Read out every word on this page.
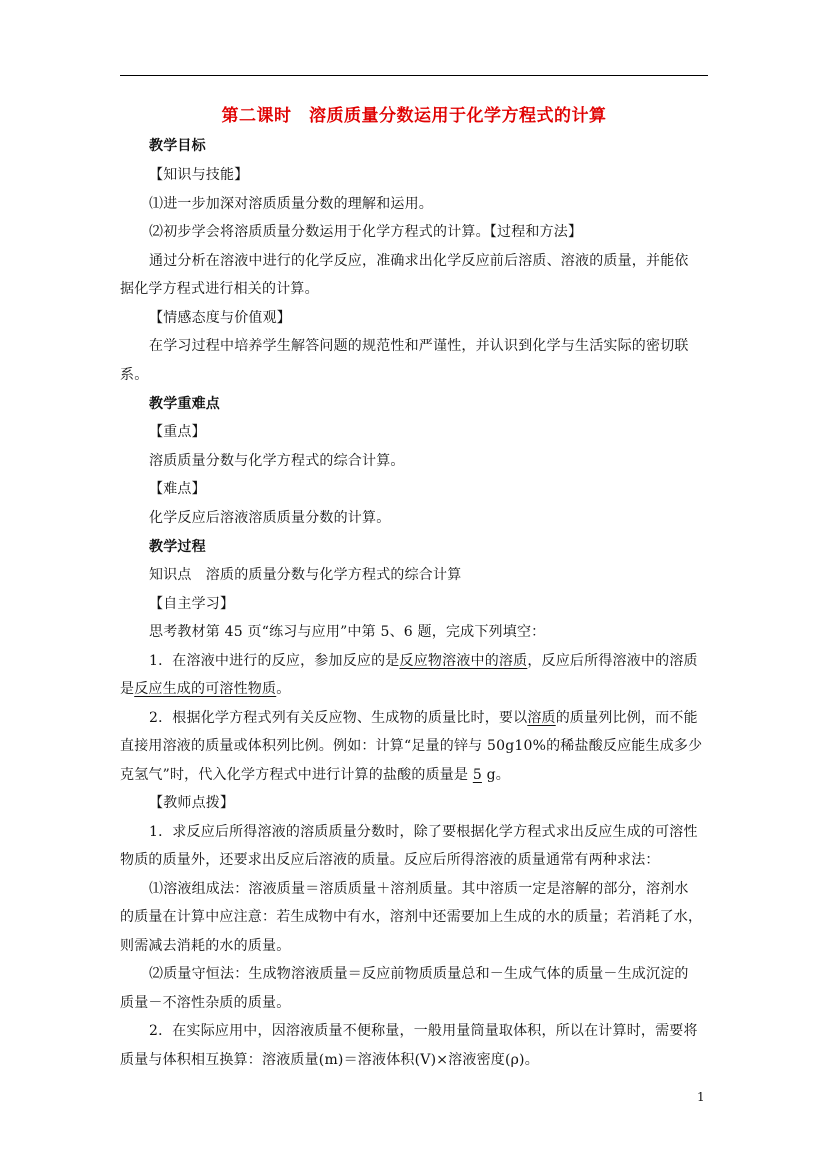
第二课时　溶质质量分数运用于化学方程式的计算
教学目标
【知识与技能】
⑴进一步加深对溶质质量分数的理解和运用。
⑵初步学会将溶质质量分数运用于化学方程式的计算。【过程和方法】
通过分析在溶液中进行的化学反应，准确求出化学反应前后溶质、溶液的质量，并能依
据化学方程式进行相关的计算。
【情感态度与价值观】
在学习过程中培养学生解答问题的规范性和严谨性，并认识到化学与生活实际的密切联
系。
教学重难点
【重点】
溶质质量分数与化学方程式的综合计算。
【难点】
化学反应后溶液溶质质量分数的计算。
教学过程
知识点　溶质的质量分数与化学方程式的综合计算
【自主学习】
思考教材第 45 页“练习与应用”中第 5、6 题，完成下列填空：
1．在溶液中进行的反应，参加反应的是反应物溶液中的溶质，反应后所得溶液中的溶质
是反应生成的可溶性物质。
2．根据化学方程式列有关反应物、生成物的质量比时，要以溶质的质量列比例，而不能
直接用溶液的质量或体积列比例。例如：计算“足量的锌与 50g10%的稀盐酸反应能生成多少
克氢气”时，代入化学方程式中进行计算的盐酸的质量是 5 g。
【教师点拨】
1．求反应后所得溶液的溶质质量分数时，除了要根据化学方程式求出反应生成的可溶性
物质的质量外，还要求出反应后溶液的质量。反应后所得溶液的质量通常有两种求法：
⑴溶液组成法：溶液质量＝溶质质量＋溶剂质量。其中溶质一定是溶解的部分，溶剂水
的质量在计算中应注意：若生成物中有水，溶剂中还需要加上生成的水的质量；若消耗了水，
则需减去消耗的水的质量。
⑵质量守恒法：生成物溶液质量＝反应前物质质量总和－生成气体的质量－生成沉淀的
质量－不溶性杂质的质量。
2．在实际应用中，因溶液质量不便称量，一般用量筒量取体积，所以在计算时，需要将
质量与体积相互换算：溶液质量(m)＝溶液体积(V)×溶液密度(ρ)。
1
